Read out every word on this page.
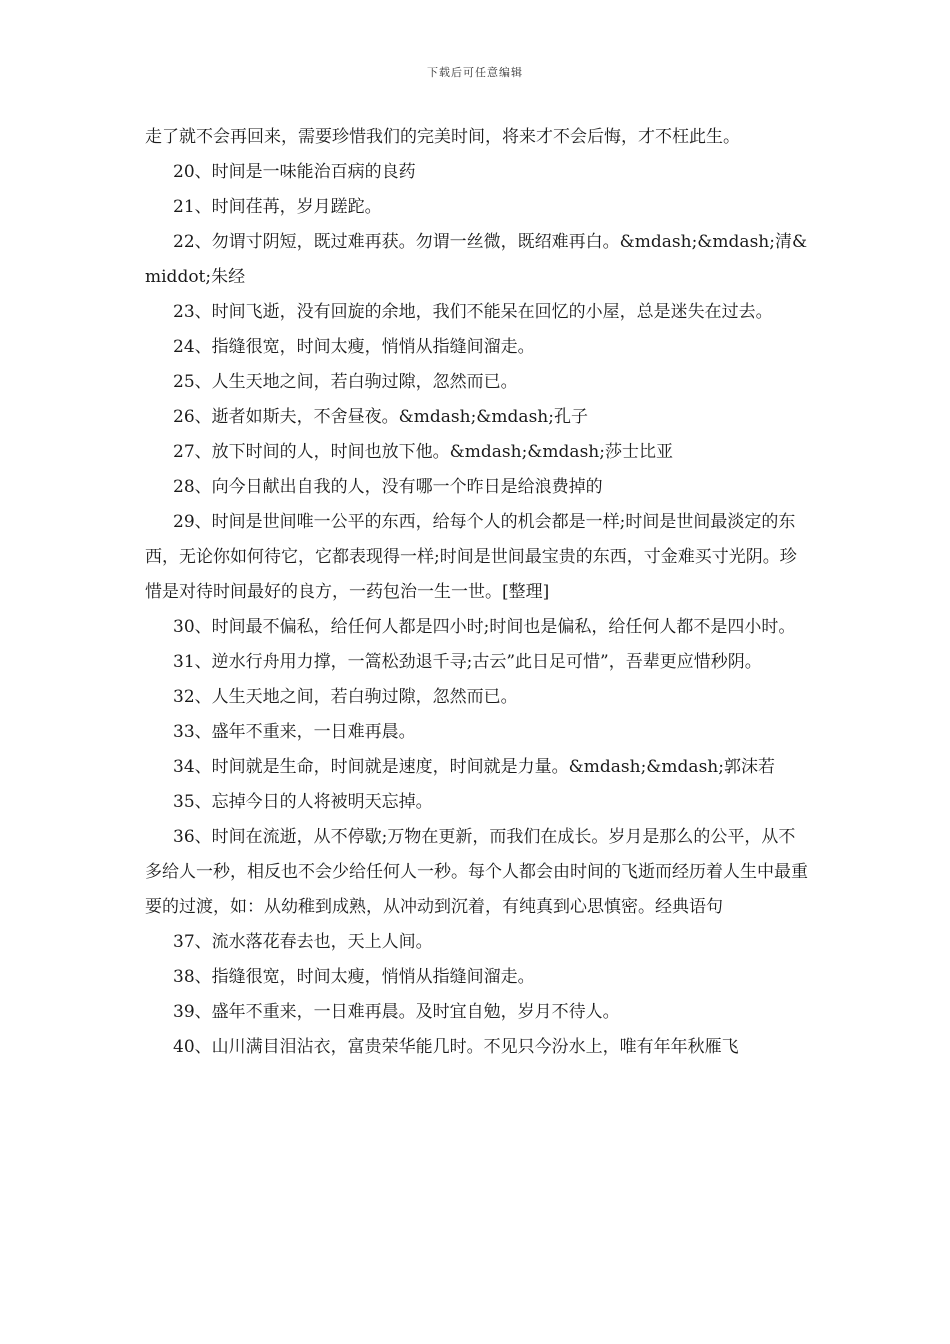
下载后可任意编辑

走了就不会再回来，需要珍惜我们的完美时间，将来才不会后悔，才不枉此生。

20、时间是一味能治百病的良药

21、时间荏苒，岁月蹉跎。

22、勿谓寸阴短，既过难再获。勿谓一丝微，既绍难再白。&mdash;&mdash;清&middot;朱经

23、时间飞逝，没有回旋的余地，我们不能呆在回忆的小屋，总是迷失在过去。

24、指缝很宽，时间太瘦，悄悄从指缝间溜走。

25、人生天地之间，若白驹过隙，忽然而已。

26、逝者如斯夫，不舍昼夜。&mdash;&mdash;孔子

27、放下时间的人，时间也放下他。&mdash;&mdash;莎士比亚

28、向今日献出自我的人，没有哪一个昨日是给浪费掉的

29、时间是世间唯一公平的东西，给每个人的机会都是一样;时间是世间最淡定的东西，无论你如何待它，它都表现得一样;时间是世间最宝贵的东西，寸金难买寸光阴。珍惜是对待时间最好的良方，一药包治一生一世。[整理]

30、时间最不偏私，给任何人都是四小时;时间也是偏私，给任何人都不是四小时。

31、逆水行舟用力撑，一篙松劲退千寻;古云”此日足可惜”，吾辈更应惜秒阴。

32、人生天地之间，若白驹过隙，忽然而已。

33、盛年不重来，一日难再晨。

34、时间就是生命，时间就是速度，时间就是力量。&mdash;&mdash;郭沫若

35、忘掉今日的人将被明天忘掉。

36、时间在流逝，从不停歇;万物在更新，而我们在成长。岁月是那么的公平，从不多给人一秒，相反也不会少给任何人一秒。每个人都会由时间的飞逝而经历着人生中最重要的过渡，如：从幼稚到成熟，从冲动到沉着，有纯真到心思慎密。经典语句

37、流水落花春去也，天上人间。

38、指缝很宽，时间太瘦，悄悄从指缝间溜走。

39、盛年不重来，一日难再晨。及时宜自勉，岁月不待人。

40、山川满目泪沾衣，富贵荣华能几时。不见只今汾水上，唯有年年秋雁飞
